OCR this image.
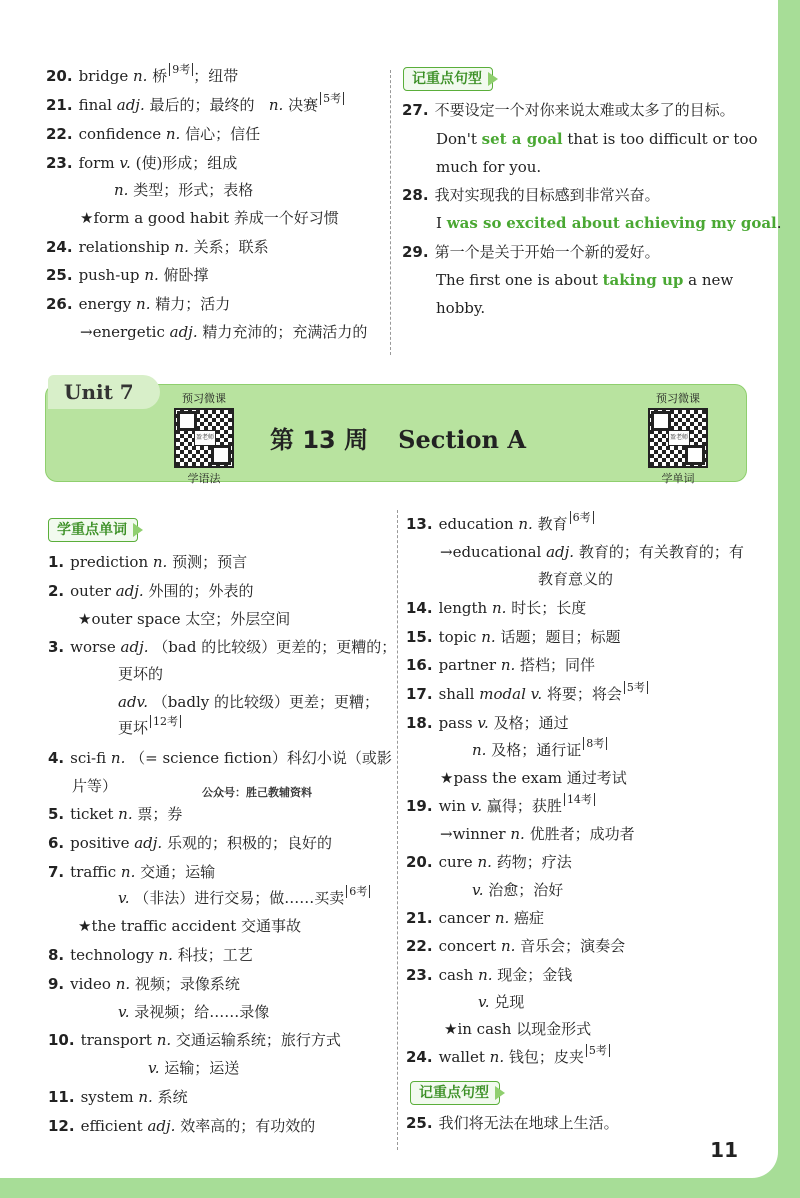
20. bridge n. 桥 $^{9考}$ ；纽带
21. final adj. 最后的；最终的 n. 决赛 $^{5考}$
22. confidence n. 信心；信任
23. form v. (使)形成；组成
n. 类型；形式；表格
★form a good habit 养成一个好习惯
24. relationship n. 关系；联系
25. push-up n. 俯卧撑
26. energy n. 精力；活力
→energetic adj. 精力充沛的；充满活力的
记重点句型
27. 不要设定一个对你来说太难或太多了的目标。
Don't set a goal that is too difficult or too
much for you.
28. 我对实现我的目标感到非常兴奋。
I was so excited about achieving my goal.
29. 第一个是关于开始一个新的爱好。
The first one is about taking up a new
hobby.
Unit 7	预习微课
盈老师
学语法
第 13 周 Section A
预习微课
盈老师
学单词
学重点单词
1. prediction n. 预测；预言
2. outer adj. 外围的；外表的
★outer space 太空；外层空间
3. worse adj. （bad 的比较级）更差的；更糟的；
更坏的
adv. （badly 的比较级）更差；更糟；
更坏 $^{12考}$
4. sci-fi n. （= science fiction）科幻小说（或影
片等）
5. ticket n. 票；券
6. positive adj. 乐观的；积极的；良好的
7. traffic n. 交通；运输
v. （非法）进行交易；做……买卖 $^{6考}$
★the traffic accident 交通事故
8. technology n. 科技；工艺
9. video n. 视频；录像系统
v. 录视频；给……录像
10. transport n. 交通运输系统；旅行方式
v. 运输；运送
11. system n. 系统
12. efficient adj. 效率高的；有功效的
公众号：胜己教辅资料
13. education n. 教育 $^{6考}$
→educational adj. 教育的；有关教育的；有
教育意义的
14. length n. 时长；长度
15. topic n. 话题；题目；标题
16. partner n. 搭档；同伴
17. shall modal v. 将要；将会 $^{5考}$
18. pass v. 及格；通过
n. 及格；通行证 $^{8考}$
★pass the exam 通过考试
19. win v. 赢得；获胜 $^{14考}$
→winner n. 优胜者；成功者
20. cure n. 药物；疗法
v. 治愈；治好
21. cancer n. 癌症
22. concert n. 音乐会；演奏会
23. cash n. 现金；金钱
v. 兑现
★in cash 以现金形式
24. wallet n. 钱包；皮夹 $^{5考}$
记重点句型
25. 我们将无法在地球上生活。
11
